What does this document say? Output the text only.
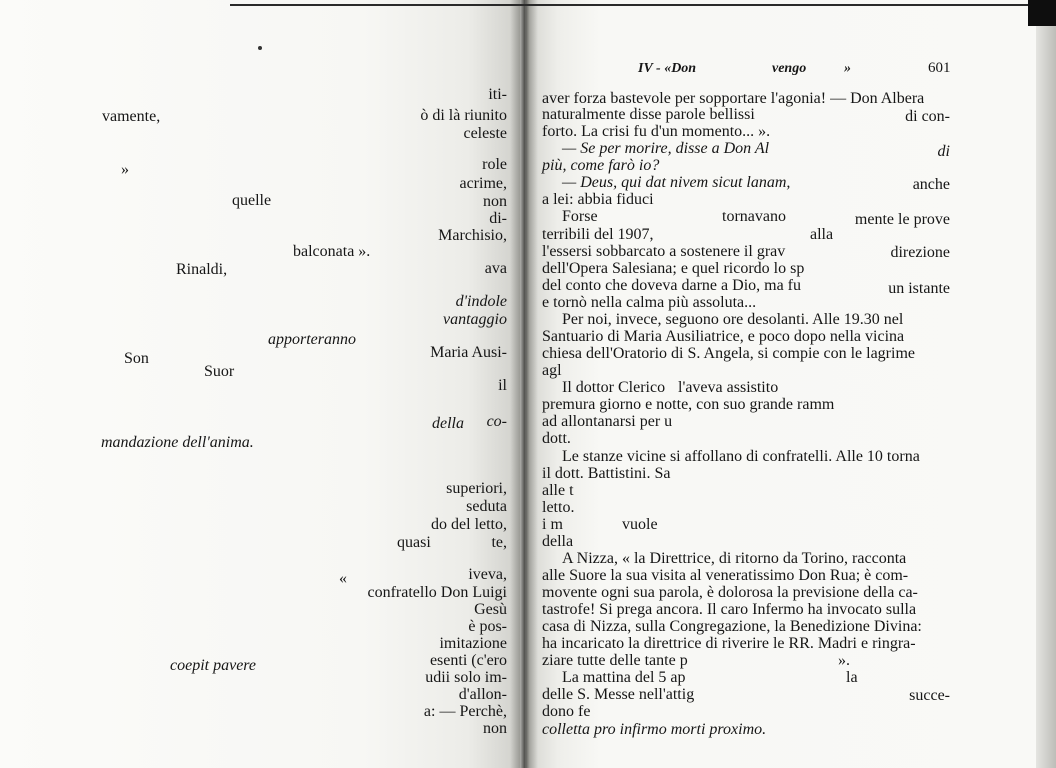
iti-
ò di là riunito
celeste
role
acrime,
non
di-
Marchisio,
ava
d'indole
vantaggio
Maria Ausi-
il
co-
superiori,
seduta
quasi
do del letto,
te,
iveva,
confratello Don Luigi
Gesù
è pos-
imitazione
esenti (c'ero
udii solo im-
d'allon-
a: — Perchè,
non
vamente,
»
quelle
balconata ».
Rinaldi,
apporteranno
Son
Suor
della
mandazione dell'anima.
«
coepit pavere
IV - «Don	vengo	»	601
aver forza bastevole per sopportare l'agonia! — Don Albera
naturalmente disse parole bellissi	di con-
forto. La crisi fu d'un momento... ».
— Se per morire, disse a Don Al	di
più, come farò io?
— Deus, qui dat nivem sicut lanam,	anche
a lei: abbia fiduci
Forse	tornavano	mente le prove
terribili del 1907,	alla
l'essersi sobbarcato a sostenere il grav	direzione
dell'Opera Salesiana; e quel ricordo lo sp
del conto che doveva darne a Dio, ma fu	un istante
e tornò nella calma più assoluta...
Per noi, invece, seguono ore desolanti. Alle 19.30 nel
Santuario di Maria Ausiliatrice, e poco dopo nella vicina
chiesa dell'Oratorio di S. Angela, si compie con le lagrime
agl
Il dottor Clerico l'aveva assistito
premura giorno e notte, con suo grande ramm
ad allontanarsi per u
dott.
Le stanze vicine si affollano di confratelli. Alle 10 torna
il dott. Battistini. Sa
alle t
letto.
i m	vuole
della
A Nizza, « la Direttrice, di ritorno da Torino, racconta
alle Suore la sua visita al veneratissimo Don Rua; è com-
movente ogni sua parola, è dolorosa la previsione della ca-
tastrofe! Si prega ancora. Il caro Infermo ha invocato sulla
casa di Nizza, sulla Congregazione, la Benedizione Divina:
ha incaricato la direttrice di riverire le RR. Madri e ringra-
ziare tutte delle tante p	».
La mattina del 5 ap	la
delle S. Messe nell'attig	succe-
dono fe
colletta pro infirmo morti proximo.
